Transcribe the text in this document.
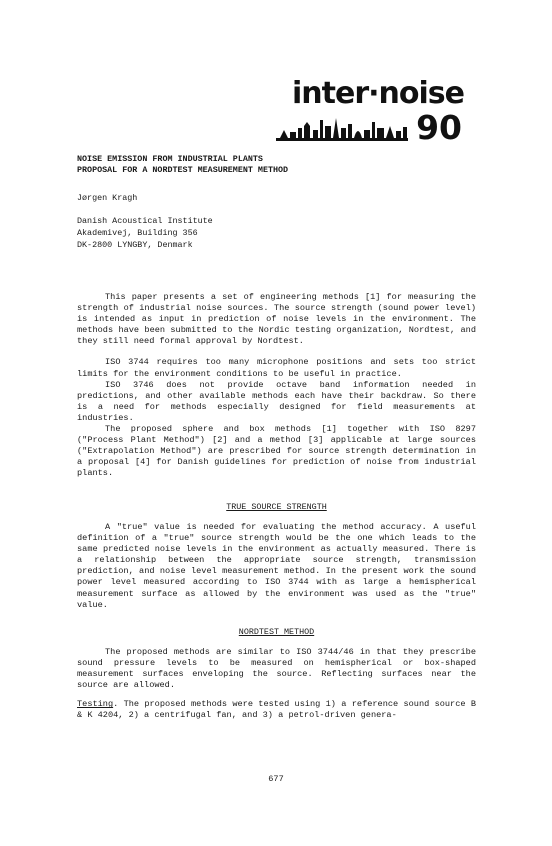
inter·noise
90
NOISE EMISSION FROM INDUSTRIAL PLANTS
PROPOSAL FOR A NORDTEST MEASUREMENT METHOD
Jørgen Kragh
Danish Acoustical Institute
Akademivej, Building 356
DK-2800 LYNGBY, Denmark

This paper presents a set of engineering methods [1] for measuring the strength of industrial noise sources. The source strength (sound power level) is intended as input in prediction of noise levels in the environment. The methods have been submitted to the Nordic testing organization, Nordtest, and they still need formal approval by Nordtest.

ISO 3744 requires too many microphone positions and sets too strict limits for the environment conditions to be useful in practice.

ISO 3746 does not provide octave band information needed in predictions, and other available methods each have their backdraw. So there is a need for methods especially designed for field measurements at industries.

The proposed sphere and box methods [1] together with ISO 8297 ("Process Plant Method") [2] and a method [3] applicable at large sources ("Extrapolation Method") are prescribed for source strength determination in a proposal [4] for Danish guidelines for prediction of noise from industrial plants.

TRUE SOURCE STRENGTH

A "true" value is needed for evaluating the method accuracy. A useful definition of a "true" source strength would be the one which leads to the same predicted noise levels in the environment as actually measured. There is a relationship between the appropriate source strength, transmission prediction, and noise level measurement method. In the present work the sound power level measured according to ISO 3744 with as large a hemispherical measurement surface as allowed by the environment was used as the "true" value.

NORDTEST METHOD

The proposed methods are similar to ISO 3744/46 in that they prescribe sound pressure levels to be measured on hemispherical or box-shaped measurement surfaces enveloping the source. Reflecting surfaces near the source are allowed.

Testing. The proposed methods were tested using 1) a reference sound source B & K 4204, 2) a centrifugal fan, and 3) a petrol-driven genera-

677
